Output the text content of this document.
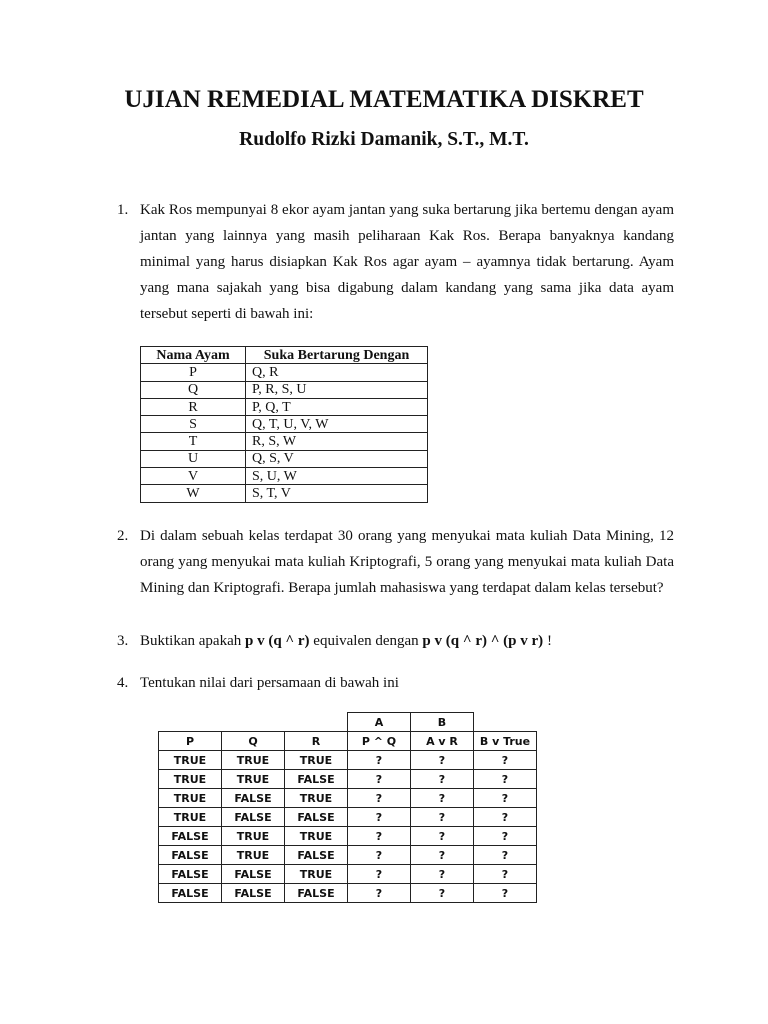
UJIAN REMEDIAL MATEMATIKA DISKRET
Rudolfo Rizki Damanik, S.T., M.T.
1. Kak Ros mempunyai 8 ekor ayam jantan yang suka bertarung jika bertemu dengan ayam jantan yang lainnya yang masih peliharaan Kak Ros. Berapa banyaknya kandang minimal yang harus disiapkan Kak Ros agar ayam – ayamnya tidak bertarung. Ayam yang mana sajakah yang bisa digabung dalam kandang yang sama jika data ayam tersebut seperti di bawah ini:
Nama Ayam	Suka Bertarung Dengan
P	Q, R
Q	P, R, S, U
R	P, Q, T
S	Q, T, U, V, W
T	R, S, W
U	Q, S, V
V	S, U, W
W	S, T, V
2. Di dalam sebuah kelas terdapat 30 orang yang menyukai mata kuliah Data Mining, 12 orang yang menyukai mata kuliah Kriptografi, 5 orang yang menyukai mata kuliah Data Mining dan Kriptografi. Berapa jumlah mahasiswa yang terdapat dalam kelas tersebut?
3. Buktikan apakah p v (q ^ r) equivalen dengan p v (q ^ r) ^ (p v r) !
4. Tentukan nilai dari persamaan di bawah ini
			A	B	
P	Q	R	P ^ Q	A v R	B v True
TRUE	TRUE	TRUE	?	?	?
TRUE	TRUE	FALSE	?	?	?
TRUE	FALSE	TRUE	?	?	?
TRUE	FALSE	FALSE	?	?	?
FALSE	TRUE	TRUE	?	?	?
FALSE	TRUE	FALSE	?	?	?
FALSE	FALSE	TRUE	?	?	?
FALSE	FALSE	FALSE	?	?	?
